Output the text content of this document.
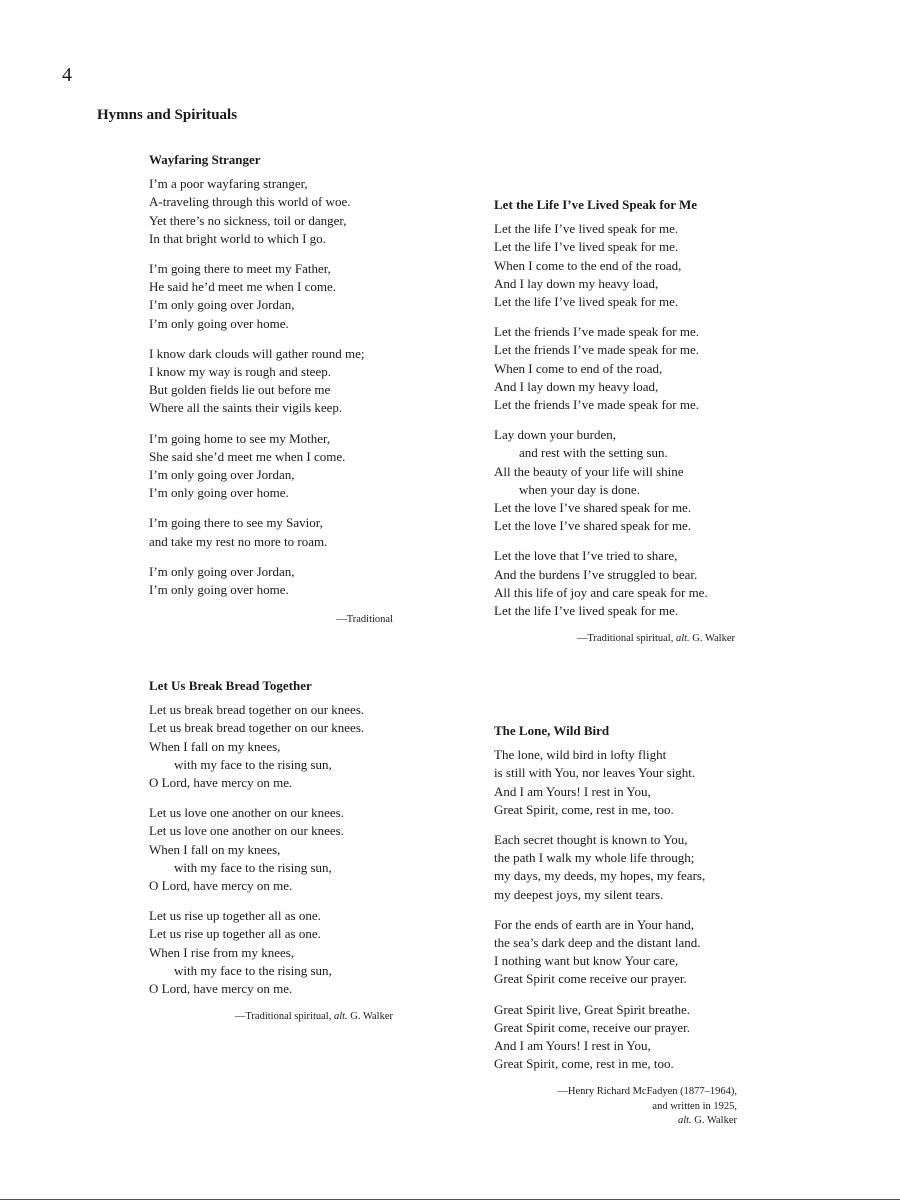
4
Hymns and Spirituals
Wayfaring Stranger
I’m a poor wayfaring stranger,
A-traveling through this world of woe.
Yet there’s no sickness, toil or danger,
In that bright world to which I go.
I’m going there to meet my Father,
He said he’d meet me when I come.
I’m only going over Jordan,
I’m only going over home.
I know dark clouds will gather round me;
I know my way is rough and steep.
But golden fields lie out before me
Where all the saints their vigils keep.
I’m going home to see my Mother,
She said she’d meet me when I come.
I’m only going over Jordan,
I’m only going over home.
I’m going there to see my Savior,
and take my rest no more to roam.
I’m only going over Jordan,
I’m only going over home.
—Traditional
Let the Life I’ve Lived Speak for Me
Let the life I’ve lived speak for me.
Let the life I’ve lived speak for me.
When I come to the end of the road,
And I lay down my heavy load,
Let the life I’ve lived speak for me.
Let the friends I’ve made speak for me.
Let the friends I’ve made speak for me.
When I come to end of the road,
And I lay down my heavy load,
Let the friends I’ve made speak for me.
Lay down your burden,
and rest with the setting sun.
All the beauty of your life will shine
when your day is done.
Let the love I’ve shared speak for me.
Let the love I’ve shared speak for me.
Let the love that I’ve tried to share,
And the burdens I’ve struggled to bear.
All this life of joy and care speak for me.
Let the life I’ve lived speak for me.
—Traditional spiritual, alt. G. Walker
Let Us Break Bread Together
Let us break bread together on our knees.
Let us break bread together on our knees.
When I fall on my knees,
with my face to the rising sun,
O Lord, have mercy on me.
Let us love one another on our knees.
Let us love one another on our knees.
When I fall on my knees,
with my face to the rising sun,
O Lord, have mercy on me.
Let us rise up together all as one.
Let us rise up together all as one.
When I rise from my knees,
with my face to the rising sun,
O Lord, have mercy on me.
—Traditional spiritual, alt. G. Walker
The Lone, Wild Bird
The lone, wild bird in lofty flight
is still with You, nor leaves Your sight.
And I am Yours! I rest in You,
Great Spirit, come, rest in me, too.
Each secret thought is known to You,
the path I walk my whole life through;
my days, my deeds, my hopes, my fears,
my deepest joys, my silent tears.
For the ends of earth are in Your hand,
the sea’s dark deep and the distant land.
I nothing want but know Your care,
Great Spirit come receive our prayer.
Great Spirit live, Great Spirit breathe.
Great Spirit come, receive our prayer.
And I am Yours! I rest in You,
Great Spirit, come, rest in me, too.
—Henry Richard McFadyen (1877–1964),
and written in 1925,
alt. G. Walker
